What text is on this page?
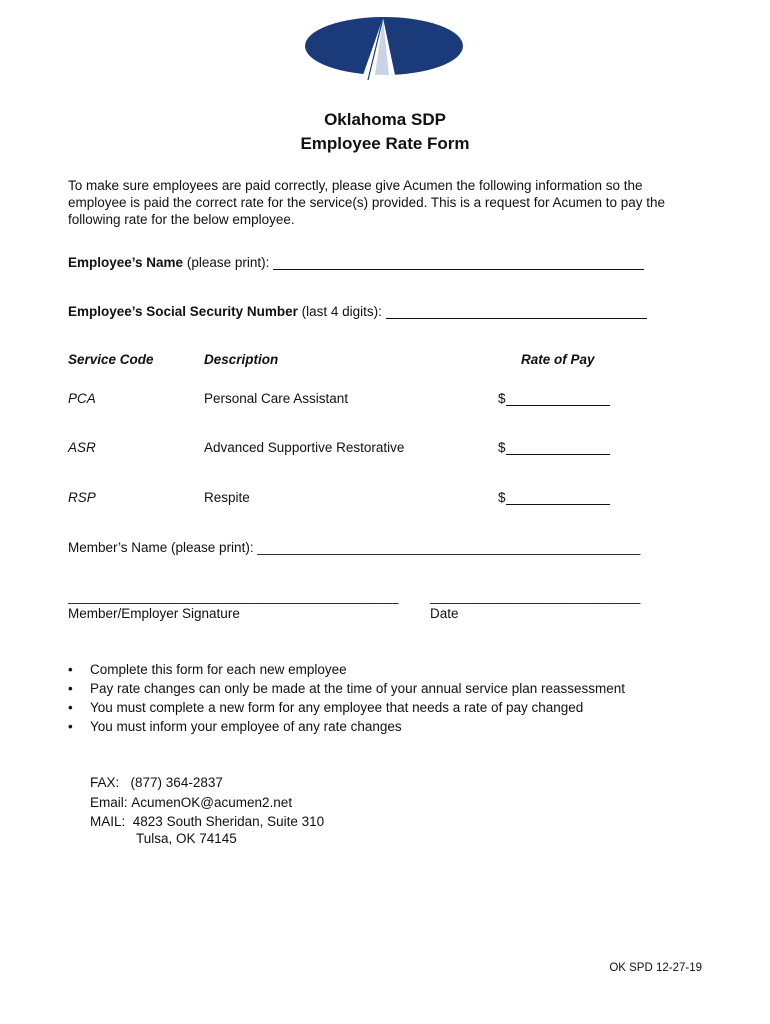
Oklahoma SDP
Employee Rate Form
To make sure employees are paid correctly, please give Acumen the following information so the employee is paid the correct rate for the service(s) provided. This is a request for Acumen to pay the following rate for the below employee.
Employee’s Name (please print):
Employee’s Social Security Number (last 4 digits):
Service Code	Description	Rate of Pay
PCA	Personal Care Assistant	$
ASR	Advanced Supportive Restorative	$
RSP	Respite	$
Member’s Name (please print): ___________________________________________________
____________________________________________ ____________________________
Member/Employer Signature	Date
• Complete this form for each new employee
• Pay rate changes can only be made at the time of your annual service plan reassessment
• You must complete a new form for any employee that needs a rate of pay changed
• You must inform your employee of any rate changes
FAX: (877) 364-2837
Email: AcumenOK@acumen2.net
MAIL: 4823 South Sheridan, Suite 310
Tulsa, OK 74145
OK SPD 12-27-19
